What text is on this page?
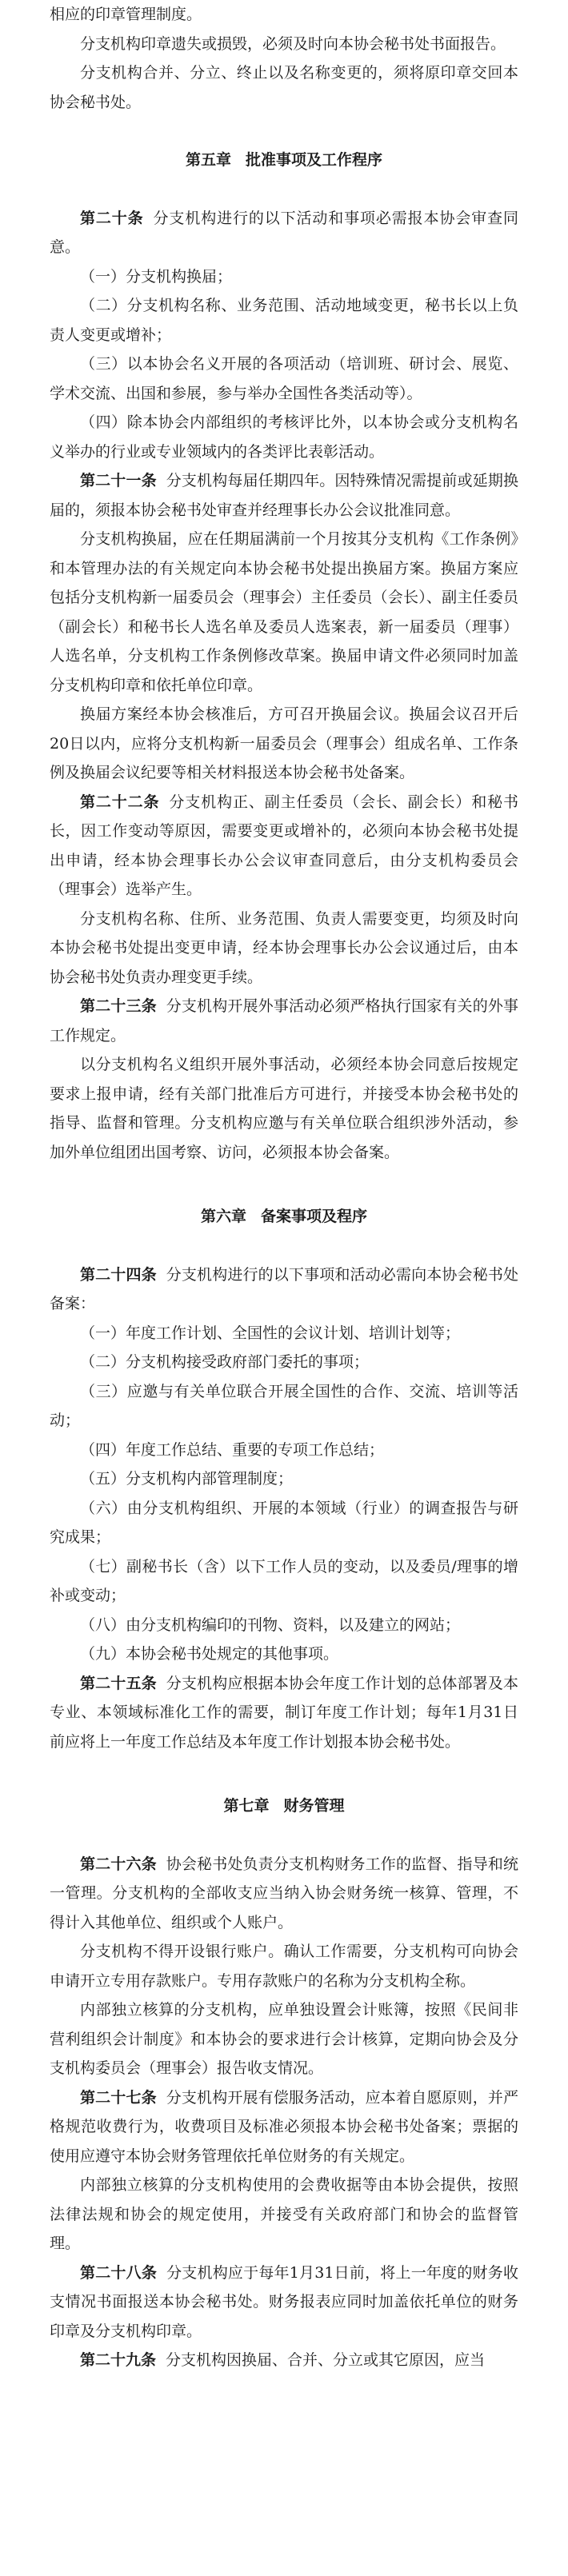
相应的印章管理制度。

分支机构印章遗失或损毁，必须及时向本协会秘书处书面报告。

分支机构合并、分立、终止以及名称变更的，须将原印章交回本协会秘书处。

第五章 批准事项及工作程序

第二十条 分支机构进行的以下活动和事项必需报本协会审查同意。

（一）分支机构换届；

（二）分支机构名称、业务范围、活动地域变更，秘书长以上负责人变更或增补；

（三）以本协会名义开展的各项活动（培训班、研讨会、展览、学术交流、出国和参展，参与举办全国性各类活动等）。

（四）除本协会内部组织的考核评比外，以本协会或分支机构名义举办的行业或专业领域内的各类评比表彰活动。

第二十一条 分支机构每届任期四年。因特殊情况需提前或延期换届的，须报本协会秘书处审查并经理事长办公会议批准同意。

分支机构换届，应在任期届满前一个月按其分支机构《工作条例》和本管理办法的有关规定向本协会秘书处提出换届方案。换届方案应包括分支机构新一届委员会（理事会）主任委员（会长）、副主任委员（副会长）和秘书长人选名单及委员人选案表，新一届委员（理事）人选名单，分支机构工作条例修改草案。换届申请文件必须同时加盖分支机构印章和依托单位印章。

换届方案经本协会核准后，方可召开换届会议。换届会议召开后20日以内，应将分支机构新一届委员会（理事会）组成名单、工作条例及换届会议纪要等相关材料报送本协会秘书处备案。

第二十二条 分支机构正、副主任委员（会长、副会长）和秘书长，因工作变动等原因，需要变更或增补的，必须向本协会秘书处提出申请，经本协会理事长办公会议审查同意后，由分支机构委员会（理事会）选举产生。

分支机构名称、住所、业务范围、负责人需要变更，均须及时向本协会秘书处提出变更申请，经本协会理事长办公会议通过后，由本协会秘书处负责办理变更手续。

第二十三条 分支机构开展外事活动必须严格执行国家有关的外事工作规定。

以分支机构名义组织开展外事活动，必须经本协会同意后按规定要求上报申请，经有关部门批准后方可进行，并接受本协会秘书处的指导、监督和管理。分支机构应邀与有关单位联合组织涉外活动，参加外单位组团出国考察、访问，必须报本协会备案。

第六章 备案事项及程序

第二十四条 分支机构进行的以下事项和活动必需向本协会秘书处备案：

（一）年度工作计划、全国性的会议计划、培训计划等；

（二）分支机构接受政府部门委托的事项；

（三）应邀与有关单位联合开展全国性的合作、交流、培训等活动；

（四）年度工作总结、重要的专项工作总结；

（五）分支机构内部管理制度；

（六）由分支机构组织、开展的本领域（行业）的调查报告与研究成果；

（七）副秘书长（含）以下工作人员的变动，以及委员/理事的增补或变动；

（八）由分支机构编印的刊物、资料，以及建立的网站；

（九）本协会秘书处规定的其他事项。

第二十五条 分支机构应根据本协会年度工作计划的总体部署及本专业、本领域标准化工作的需要，制订年度工作计划；每年1月31日前应将上一年度工作总结及本年度工作计划报本协会秘书处。

第七章 财务管理

第二十六条 协会秘书处负责分支机构财务工作的监督、指导和统一管理。分支机构的全部收支应当纳入协会财务统一核算、管理，不得计入其他单位、组织或个人账户。

分支机构不得开设银行账户。确认工作需要，分支机构可向协会申请开立专用存款账户。专用存款账户的名称为分支机构全称。

内部独立核算的分支机构，应单独设置会计账簿，按照《民间非营利组织会计制度》和本协会的要求进行会计核算，定期向协会及分支机构委员会（理事会）报告收支情况。

第二十七条 分支机构开展有偿服务活动，应本着自愿原则，并严格规范收费行为，收费项目及标准必须报本协会秘书处备案；票据的使用应遵守本协会财务管理依托单位财务的有关规定。

内部独立核算的分支机构使用的会费收据等由本协会提供，按照法律法规和协会的规定使用，并接受有关政府部门和协会的监督管理。

第二十八条 分支机构应于每年1月31日前，将上一年度的财务收支情况书面报送本协会秘书处。财务报表应同时加盖依托单位的财务印章及分支机构印章。

第二十九条 分支机构因换届、合并、分立或其它原因，应当
